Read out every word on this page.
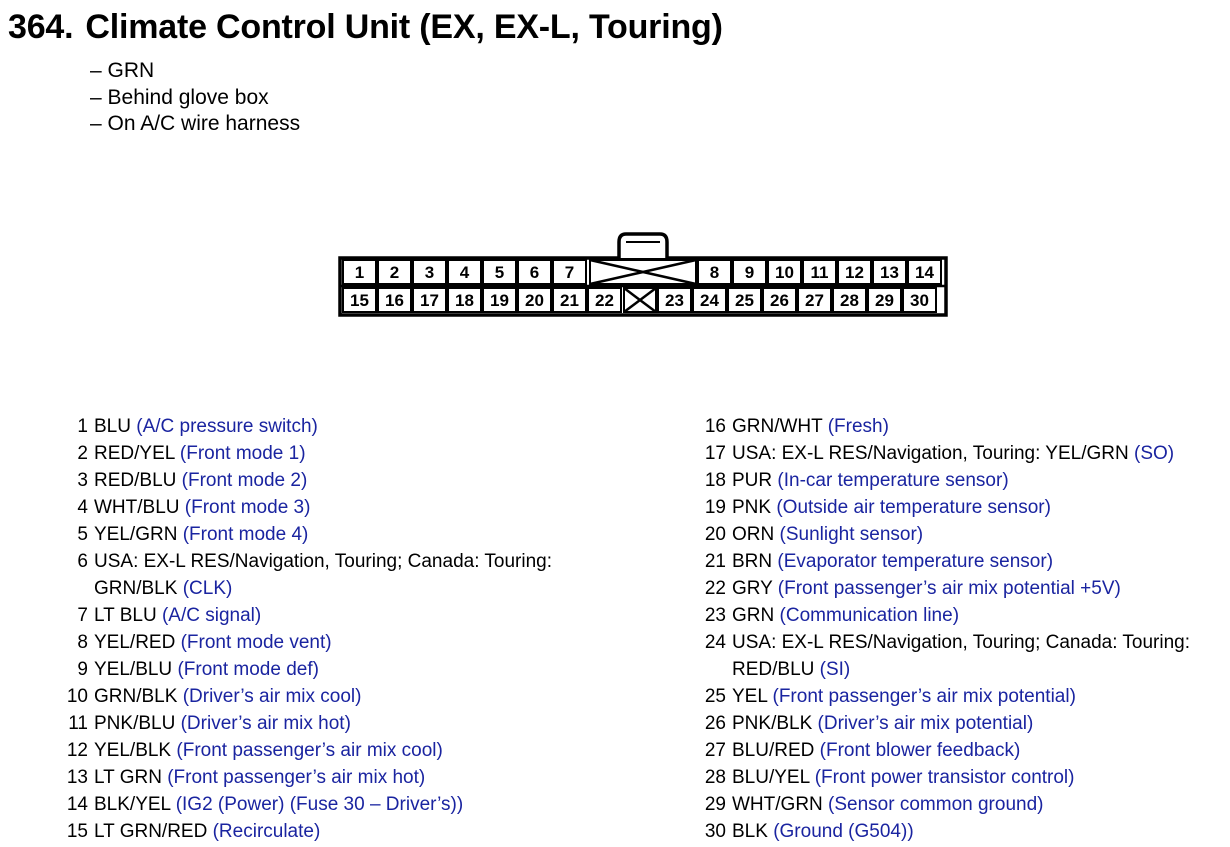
364. Climate Control Unit (EX, EX-L, Touring)
– GRN
– Behind glove box
– On A/C wire harness
1 2 3 4 5 6 7	8 9 10 11 12 13 14
15 16 17 18 19 20 21 22	23 24 25 26 27 28 29 30
1 BLU (A/C pressure switch)
2 RED/YEL (Front mode 1)
3 RED/BLU (Front mode 2)
4 WHT/BLU (Front mode 3)
5 YEL/GRN (Front mode 4)
6 USA: EX-L RES/Navigation, Touring; Canada: Touring:
GRN/BLK (CLK)
7 LT BLU (A/C signal)
8 YEL/RED (Front mode vent)
9 YEL/BLU (Front mode def)
10 GRN/BLK (Driver’s air mix cool)
11 PNK/BLU (Driver’s air mix hot)
12 YEL/BLK (Front passenger’s air mix cool)
13 LT GRN (Front passenger’s air mix hot)
14 BLK/YEL (IG2 (Power) (Fuse 30 – Driver’s))
15 LT GRN/RED (Recirculate)
16 GRN/WHT (Fresh)
17 USA: EX-L RES/Navigation, Touring: YEL/GRN (SO)
18 PUR (In-car temperature sensor)
19 PNK (Outside air temperature sensor)
20 ORN (Sunlight sensor)
21 BRN (Evaporator temperature sensor)
22 GRY (Front passenger’s air mix potential +5V)
23 GRN (Communication line)
24 USA: EX-L RES/Navigation, Touring; Canada: Touring:
RED/BLU (SI)
25 YEL (Front passenger’s air mix potential)
26 PNK/BLK (Driver’s air mix potential)
27 BLU/RED (Front blower feedback)
28 BLU/YEL (Front power transistor control)
29 WHT/GRN (Sensor common ground)
30 BLK (Ground (G504))
